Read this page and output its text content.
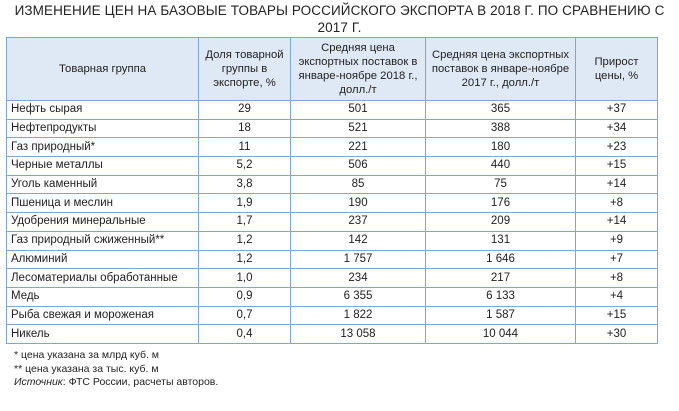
ИЗМЕНЕНИЕ ЦЕН НА БАЗОВЫЕ ТОВАРЫ РОССИЙСКОГО ЭКСПОРТА В 2018 Г. ПО СРАВНЕНИЮ С
2017 Г.
Товарная группа	Доля товарной группы в экспорте, %	Средняя цена экспортных поставок в январе-ноябре 2018 г., долл./т	Средняя цена экспортных поставок в январе-ноябре 2017 г., долл./т	Прирост цены, %
Нефть сырая	29	501	365	+37
Нефтепродукты	18	521	388	+34
Газ природный*	11	221	180	+23
Черные металлы	5,2	506	440	+15
Уголь каменный	3,8	85	75	+14
Пшеница и меслин	1,9	190	176	+8
Удобрения минеральные	1,7	237	209	+14
Газ природный сжиженный**	1,2	142	131	+9
Алюминий	1,2	1 757	1 646	+7
Лесоматериалы обработанные	1,0	234	217	+8
Медь	0,9	6 355	6 133	+4
Рыба свежая и мороженая	0,7	1 822	1 587	+15
Никель	0,4	13 058	10 044	+30
* цена указана за млрд куб. м
** цена указана за тыс. куб. м
Источник: ФТС России, расчеты авторов.
